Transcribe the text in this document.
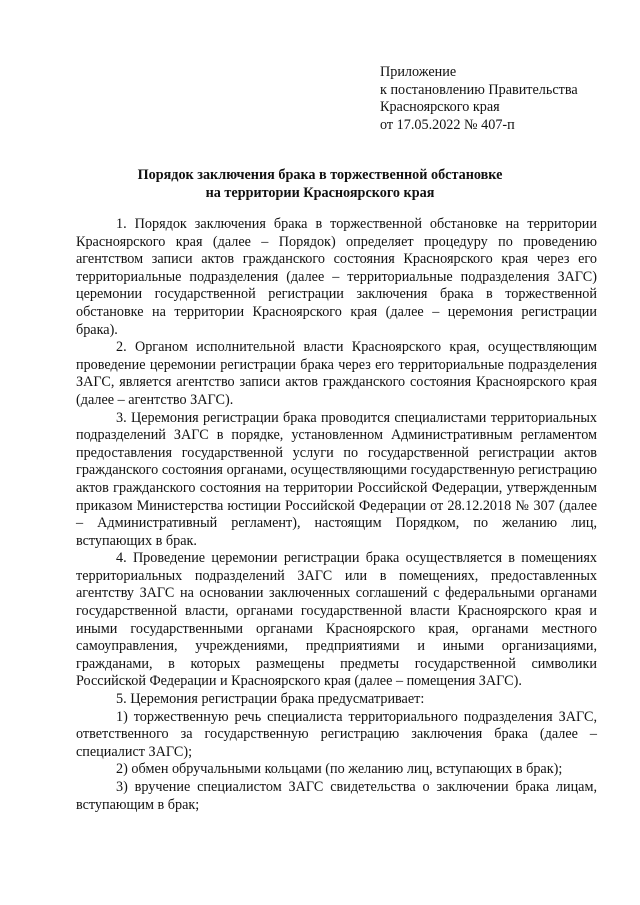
Приложение
к постановлению Правительства
Красноярского края
от 17.05.2022 № 407-п
Порядок заключения брака в торжественной обстановке
на территории Красноярского края

1. Порядок заключения брака в торжественной обстановке на территории Красноярского края (далее – Порядок) определяет процедуру по проведению агентством записи актов гражданского состояния Красноярского края через его территориальные подразделения (далее – территориальные подразделения ЗАГС) церемонии государственной регистрации заключения брака в торжественной обстановке на территории Красноярского края (далее – церемония регистрации брака).

2. Органом исполнительной власти Красноярского края, осуществляющим проведение церемонии регистрации брака через его территориальные подразделения ЗАГС, является агентство записи актов гражданского состояния Красноярского края (далее – агентство ЗАГС).

3. Церемония регистрации брака проводится специалистами территориальных подразделений ЗАГС в порядке, установленном Административным регламентом предоставления государственной услуги по государственной регистрации актов гражданского состояния органами, осуществляющими государственную регистрацию актов гражданского состояния на территории Российской Федерации, утвержденным приказом Министерства юстиции Российской Федерации от 28.12.2018 № 307 (далее – Административный регламент), настоящим Порядком, по желанию лиц, вступающих в брак.

4. Проведение церемонии регистрации брака осуществляется в помещениях территориальных подразделений ЗАГС или в помещениях, предоставленных агентству ЗАГС на основании заключенных соглашений с федеральными органами государственной власти, органами государственной власти Красноярского края и иными государственными органами Красноярского края, органами местного самоуправления, учреждениями, предприятиями и иными организациями, гражданами, в которых размещены предметы государственной символики Российской Федерации и Красноярского края (далее – помещения ЗАГС).

5. Церемония регистрации брака предусматривает:

1) торжественную речь специалиста территориального подразделения ЗАГС, ответственного за государственную регистрацию заключения брака (далее – специалист ЗАГС);

2) обмен обручальными кольцами (по желанию лиц, вступающих в брак);

3) вручение специалистом ЗАГС свидетельства о заключении брака лицам, вступающим в брак;
